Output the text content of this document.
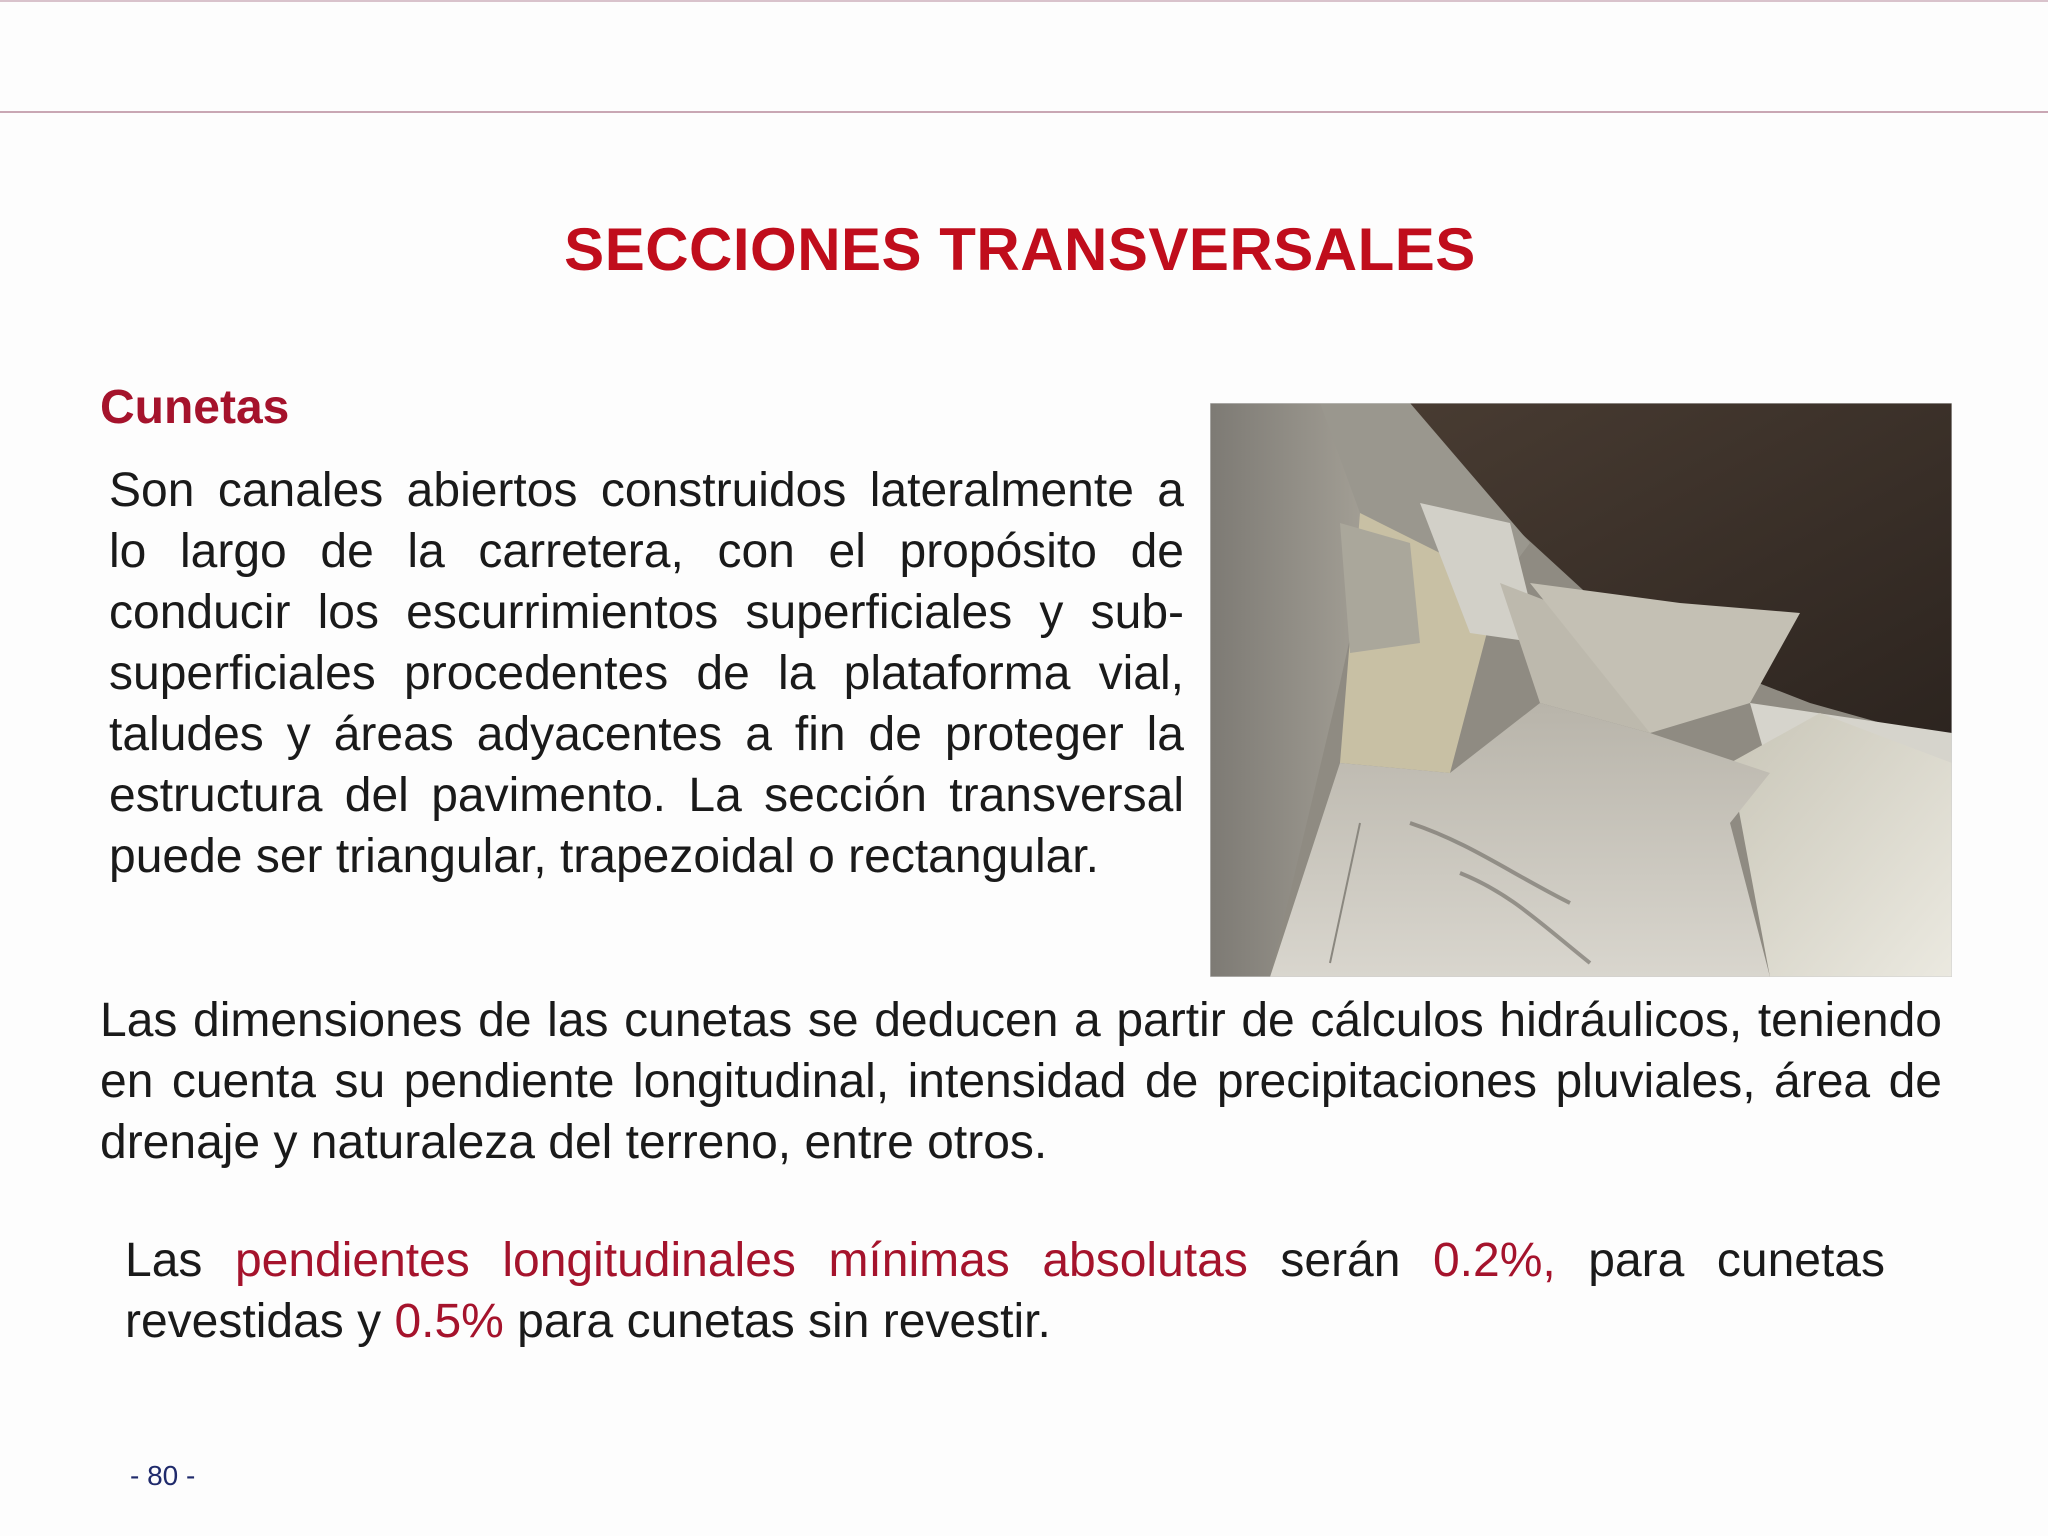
SECCIONES TRANSVERSALES
Cunetas

Son canales abiertos construidos lateralmente a lo largo de la carretera, con el propósito de conducir los escurrimientos superficiales y sub-superficiales procedentes de la plataforma vial, taludes y áreas adyacentes a fin de proteger la estructura del pavimento. La sección transversal puede ser triangular, trapezoidal o rectangular.

Las dimensiones de las cunetas se deducen a partir de cálculos hidráulicos, teniendo en cuenta su pendiente longitudinal, intensidad de precipitaciones pluviales, área de drenaje y naturaleza del terreno, entre otros.

Las pendientes longitudinales mínimas absolutas serán 0.2%, para cunetas revestidas y 0.5% para cunetas sin revestir.

- 80 -
